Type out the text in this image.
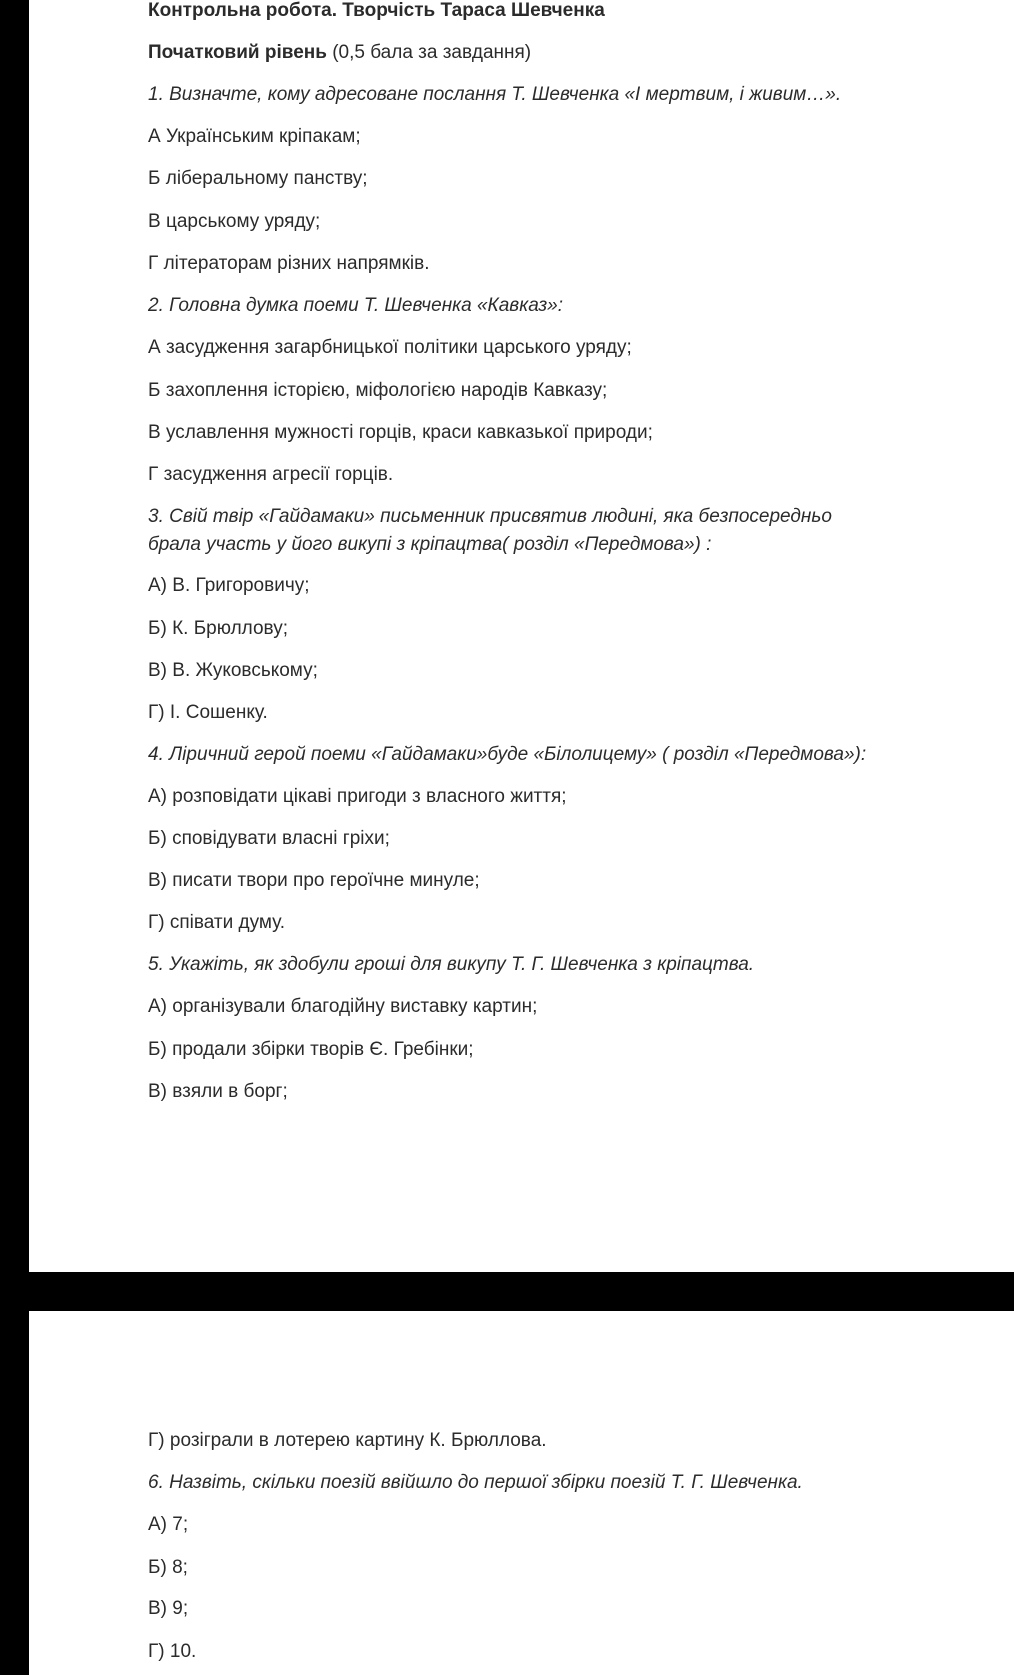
Контрольна робота. Творчість Тараса Шевченка

Початковий рівень (0,5 бала за завдання)

1. Визначте, кому адресоване послання Т. Шевченка «І мертвим, і живим…».

А Українським кріпакам;

Б ліберальному панству;

В царському уряду;

Г літераторам різних напрямків.

2. Головна думка поеми Т. Шевченка «Кавказ»:

А засудження загарбницької політики царського уряду;

Б захоплення історією, міфологією народів Кавказу;

В уславлення мужності горців, краси кавказької природи;

Г засудження агресії горців.

3. Свій твір «Гайдамаки» письменник присвятив людині, яка безпосередньо

брала участь у його викупі з кріпацтва( розділ «Передмова») :

А) В. Григоровичу;

Б) К. Брюллову;

В) В. Жуковському;

Г) І. Сошенку.

4. Ліричний герой поеми «Гайдамаки»буде «Білолицему» ( розділ «Передмова»):

А) розповідати цікаві пригоди з власного життя;

Б) сповідувати власні гріхи;

В) писати твори про героїчне минуле;

Г) співати думу.

5. Укажіть, як здобули гроші для викупу Т. Г. Шевченка з кріпацтва.

А) організували благодійну виставку картин;

Б) продали збірки творів Є. Гребінки;

В) взяли в борг;

Г) розіграли в лотерею картину К. Брюллова.

6. Назвіть, скільки поезій ввійшло до першої збірки поезій Т. Г. Шевченка.

А) 7;

Б) 8;

В) 9;

Г) 10.
